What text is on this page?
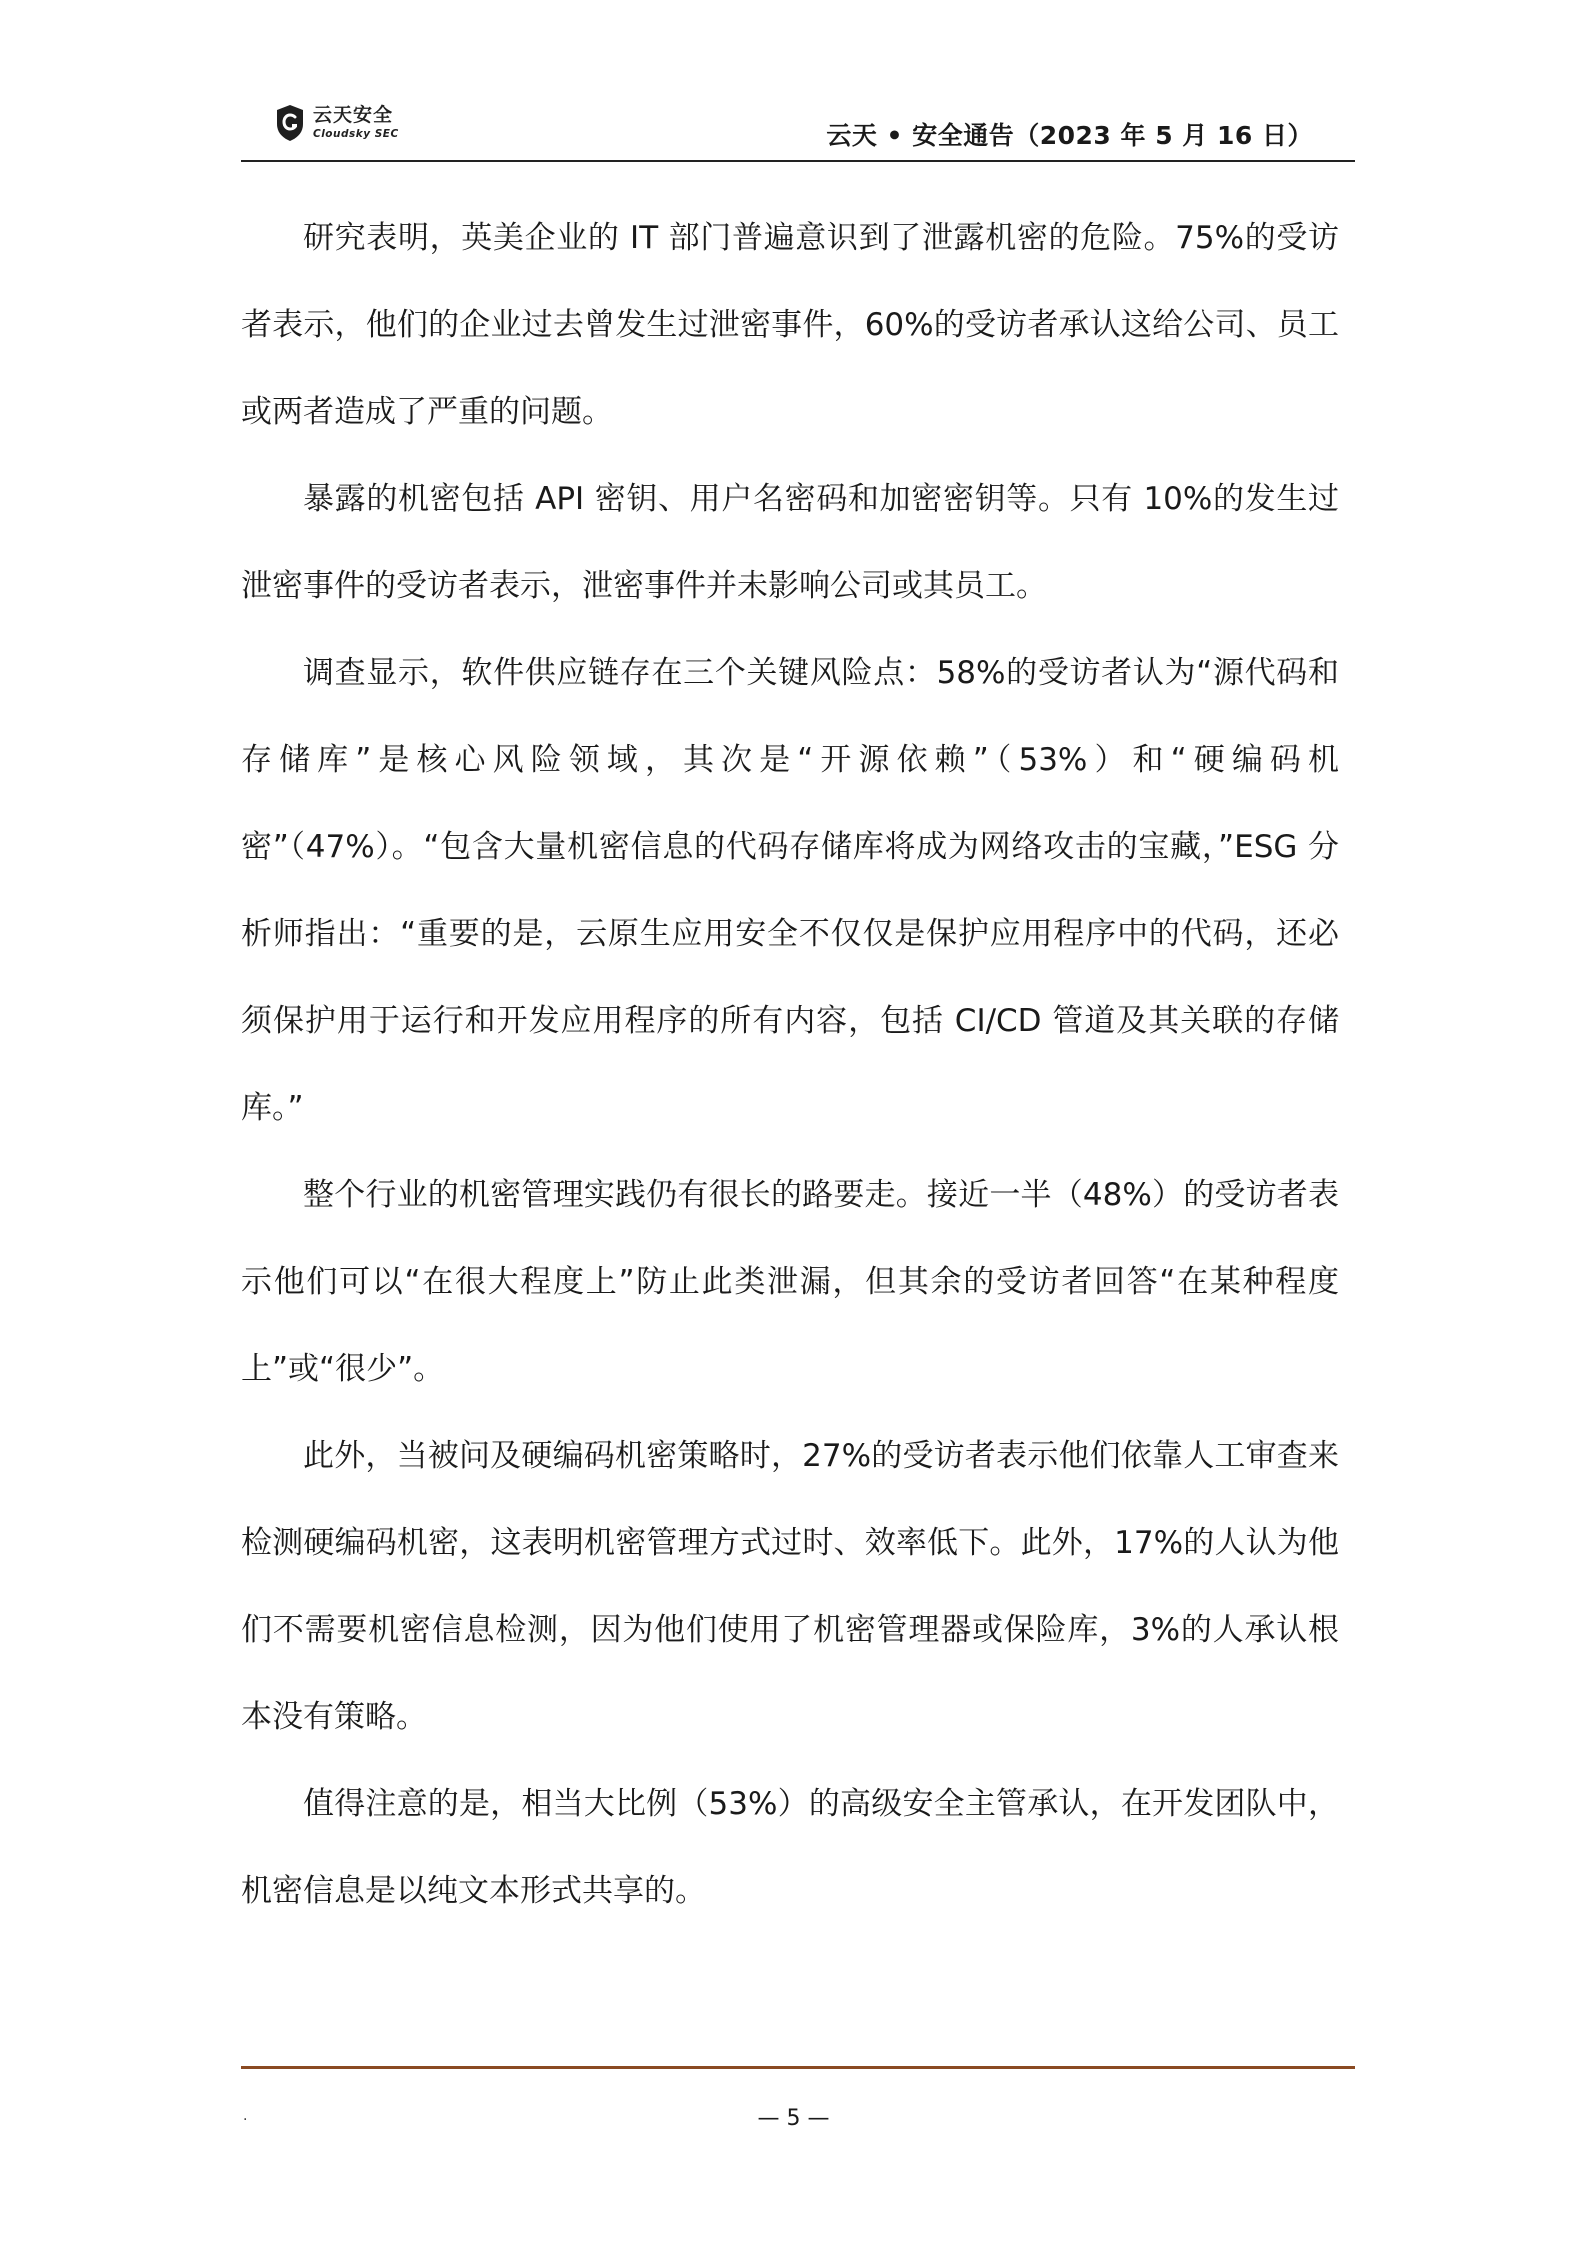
云天安全
Cloudsky SEC	云天 • 安全通告（2023 年 5 月 16 日）

研究表明，英美企业的 IT 部门普遍意识到了泄露机密的危险。75%的受访者表示，他们的企业过去曾发生过泄密事件，60%的受访者承认这给公司、员工或两者造成了严重的问题。

暴露的机密包括 API 密钥、用户名密码和加密密钥等。只有 10%的发生过泄密事件的受访者表示，泄密事件并未影响公司或其员工。

调查显示，软件供应链存在三个关键风险点：58%的受访者认为“源代码和存储库”是核心风险领域，其次是“开源依赖”（53%）和“硬编码机密”（47%）。“包含大量机密信息的代码存储库将成为网络攻击的宝藏，”ESG 分析师指出：“重要的是，云原生应用安全不仅仅是保护应用程序中的代码，还必须保护用于运行和开发应用程序的所有内容，包括 CI/CD 管道及其关联的存储库。”

整个行业的机密管理实践仍有很长的路要走。接近一半（48%）的受访者表示他们可以“在很大程度上”防止此类泄漏，但其余的受访者回答“在某种程度上”或“很少”。

此外，当被问及硬编码机密策略时，27%的受访者表示他们依靠人工审查来检测硬编码机密，这表明机密管理方式过时、效率低下。此外，17%的人认为他们不需要机密信息检测，因为他们使用了机密管理器或保险库，3%的人承认根本没有策略。

值得注意的是，相当大比例（53%）的高级安全主管承认，在开发团队中，机密信息是以纯文本形式共享的。

.	— 5 —
